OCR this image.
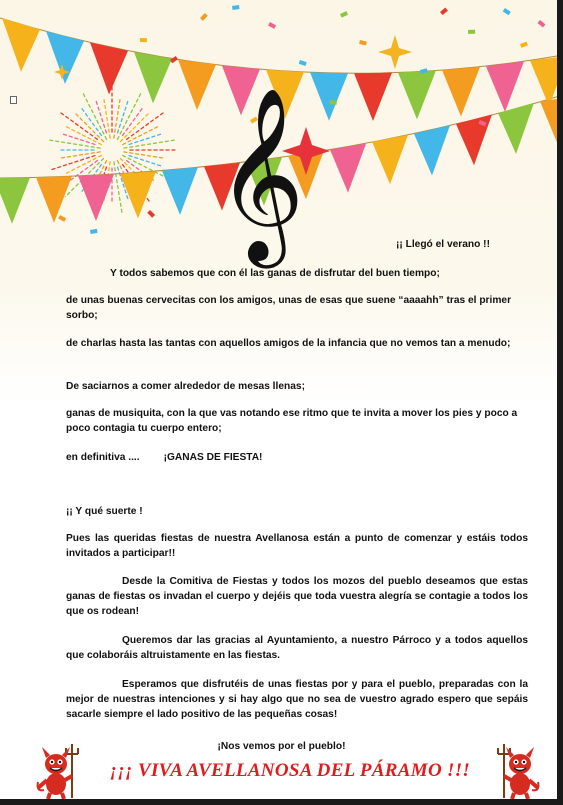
𝄞	¡¡ Llegó el verano !!

Y todos sabemos que con él las ganas de disfrutar del buen tiempo;

de unas buenas cervecitas con los amigos, unas de esas que suene “aaaahh” tras el primer sorbo;

de charlas hasta las tantas con aquellos amigos de la infancia que no vemos tan a menudo;

De saciarnos a comer alrededor de mesas llenas;

ganas de musiquita, con la que vas notando ese ritmo que te invita a mover los pies y poco a poco contagia tu cuerpo entero;

en definitiva .... ¡GANAS DE FIESTA!

¡¡ Y qué suerte !

Pues las queridas fiestas de nuestra Avellanosa están a punto de comenzar y estáis todos invitados a participar!!

Desde la Comitiva de Fiestas y todos los mozos del pueblo deseamos que estas ganas de fiestas os invadan el cuerpo y dejéis que toda vuestra alegría se contagie a todos los que os rodean!

Queremos dar las gracias al Ayuntamiento, a nuestro Párroco y a todos aquellos que colaboráis altruistamente en las fiestas.

Esperamos que disfrutéis de unas fiestas por y para el pueblo, preparadas con la mejor de nuestras intenciones y si hay algo que no sea de vuestro agrado espero que sepáis sacarle siempre el lado positivo de las pequeñas cosas!

¡Nos vemos por el pueblo!
¡¡¡ VIVA AVELLANOSA DEL PÁRAMO !!!
